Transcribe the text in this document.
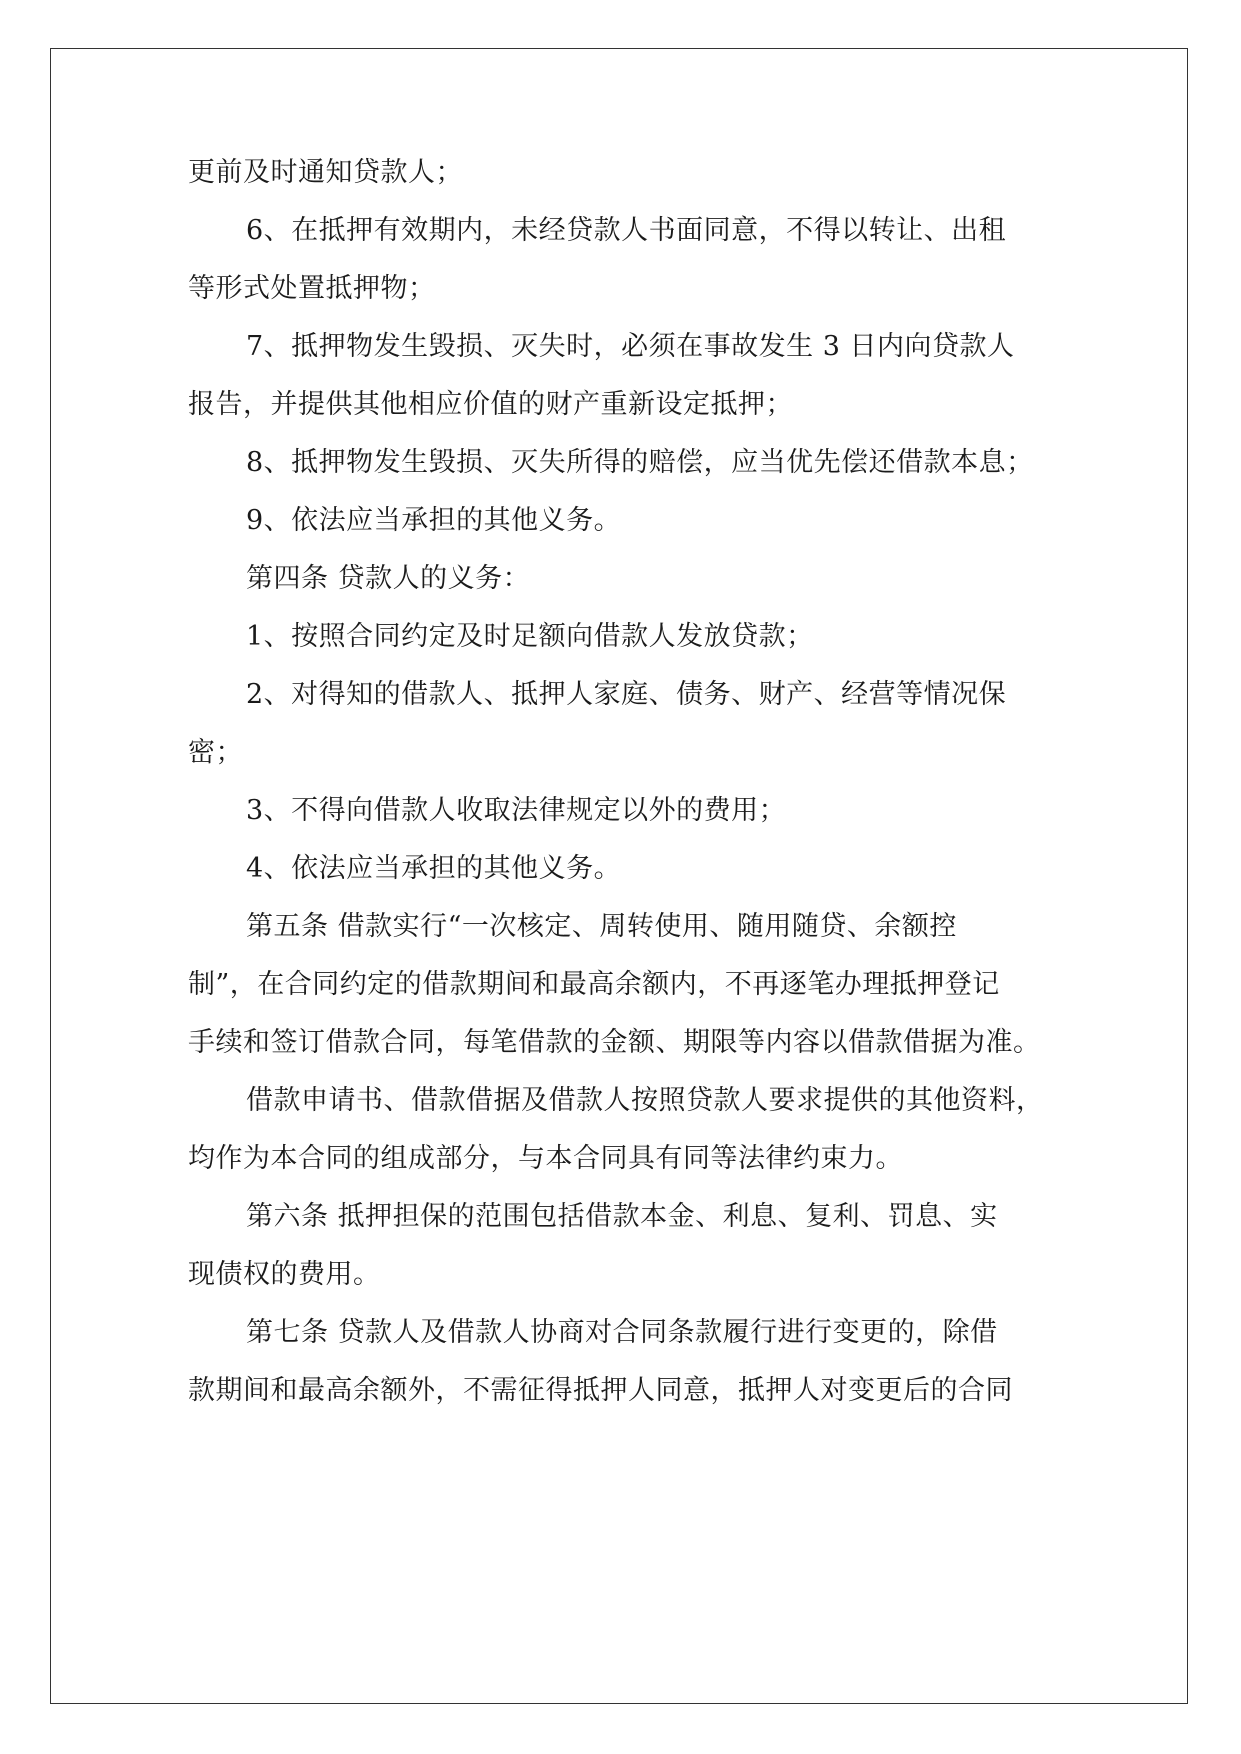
更前及时通知贷款人；
6、在抵押有效期内，未经贷款人书面同意，不得以转让、出租
等形式处置抵押物；
7、抵押物发生毁损、灭失时，必须在事故发生 3 日内向贷款人
报告，并提供其他相应价值的财产重新设定抵押；
8、抵押物发生毁损、灭失所得的赔偿，应当优先偿还借款本息；
9、依法应当承担的其他义务。
第四条 贷款人的义务：
1、按照合同约定及时足额向借款人发放贷款；
2、对得知的借款人、抵押人家庭、债务、财产、经营等情况保
密；
3、不得向借款人收取法律规定以外的费用；
4、依法应当承担的其他义务。
第五条 借款实行“一次核定、周转使用、随用随贷、余额控
制”，在合同约定的借款期间和最高余额内，不再逐笔办理抵押登记
手续和签订借款合同，每笔借款的金额、期限等内容以借款借据为准。
借款申请书、借款借据及借款人按照贷款人要求提供的其他资料，
均作为本合同的组成部分，与本合同具有同等法律约束力。
第六条 抵押担保的范围包括借款本金、利息、复利、罚息、实
现债权的费用。
第七条 贷款人及借款人协商对合同条款履行进行变更的，除借
款期间和最高余额外，不需征得抵押人同意，抵押人对变更后的合同
